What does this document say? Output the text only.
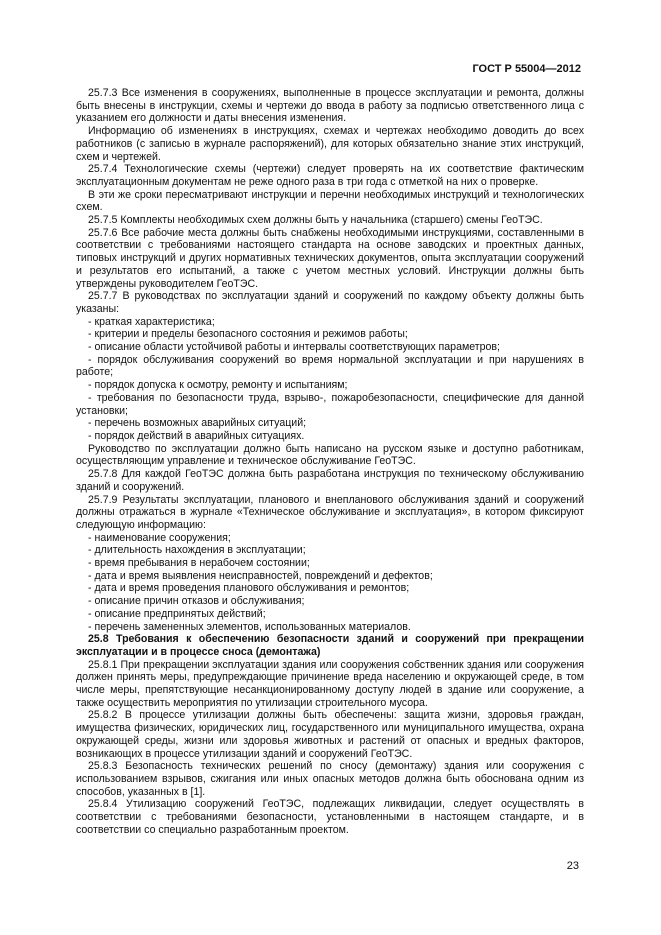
ГОСТ Р 55004—2012

25.7.3 Все изменения в сооружениях, выполненные в процессе эксплуатации и ремонта, должны быть внесены в инструкции, схемы и чертежи до ввода в работу за подписью ответственного лица с указанием его должности и даты внесения изменения.

Информацию об изменениях в инструкциях, схемах и чертежах необходимо доводить до всех работников (с записью в журнале распоряжений), для которых обязательно знание этих инструкций, схем и чертежей.

25.7.4 Технологические схемы (чертежи) следует проверять на их соответствие фактическим эксплуатационным документам не реже одного раза в три года с отметкой на них о проверке.

В эти же сроки пересматривают инструкции и перечни необходимых инструкций и технологических схем.

25.7.5 Комплекты необходимых схем должны быть у начальника (старшего) смены ГеоТЭС.

25.7.6 Все рабочие места должны быть снабжены необходимыми инструкциями, составленными в соответствии с требованиями настоящего стандарта на основе заводских и проектных данных, типовых инструкций и других нормативных технических документов, опыта эксплуатации сооружений и результатов его испытаний, а также с учетом местных условий. Инструкции должны быть утверждены руководителем ГеоТЭС.

25.7.7 В руководствах по эксплуатации зданий и сооружений по каждому объекту должны быть указаны:

- краткая характеристика;

- критерии и пределы безопасного состояния и режимов работы;

- описание области устойчивой работы и интервалы соответствующих параметров;

- порядок обслуживания сооружений во время нормальной эксплуатации и при нарушениях в работе;

- порядок допуска к осмотру, ремонту и испытаниям;

- требования по безопасности труда, взрыво-, пожаробезопасности, специфические для данной установки;

- перечень возможных аварийных ситуаций;

- порядок действий в аварийных ситуациях.

Руководство по эксплуатации должно быть написано на русском языке и доступно работникам, осуществляющим управление и техническое обслуживание ГеоТЭС.

25.7.8 Для каждой ГеоТЭС должна быть разработана инструкция по техническому обслуживанию зданий и сооружений.

25.7.9 Результаты эксплуатации, планового и внепланового обслуживания зданий и сооружений должны отражаться в журнале «Техническое обслуживание и эксплуатация», в котором фиксируют следующую информацию:

- наименование сооружения;

- длительность нахождения в эксплуатации;

- время пребывания в нерабочем состоянии;

- дата и время выявления неисправностей, повреждений и дефектов;

- дата и время проведения планового обслуживания и ремонтов;

- описание причин отказов и обслуживания;

- описание предпринятых действий;

- перечень замененных элементов, использованных материалов.

25.8 Требования к обеспечению безопасности зданий и сооружений при прекращении эксплуатации и в процессе сноса (демонтажа)

25.8.1 При прекращении эксплуатации здания или сооружения собственник здания или сооружения должен принять меры, предупреждающие причинение вреда населению и окружающей среде, в том числе меры, препятствующие несанкционированному доступу людей в здание или сооружение, а также осуществить мероприятия по утилизации строительного мусора.

25.8.2 В процессе утилизации должны быть обеспечены: защита жизни, здоровья граждан, имущества физических, юридических лиц, государственного или муниципального имущества, охрана окружающей среды, жизни или здоровья животных и растений от опасных и вредных факторов, возникающих в процессе утилизации зданий и сооружений ГеоТЭС.

25.8.3 Безопасность технических решений по сносу (демонтажу) здания или сооружения с использованием взрывов, сжигания или иных опасных методов должна быть обоснована одним из способов, указанных в [1].

25.8.4 Утилизацию сооружений ГеоТЭС, подлежащих ликвидации, следует осуществлять в соответствии с требованиями безопасности, установленными в настоящем стандарте, и в соответствии со специально разработанным проектом.

23
